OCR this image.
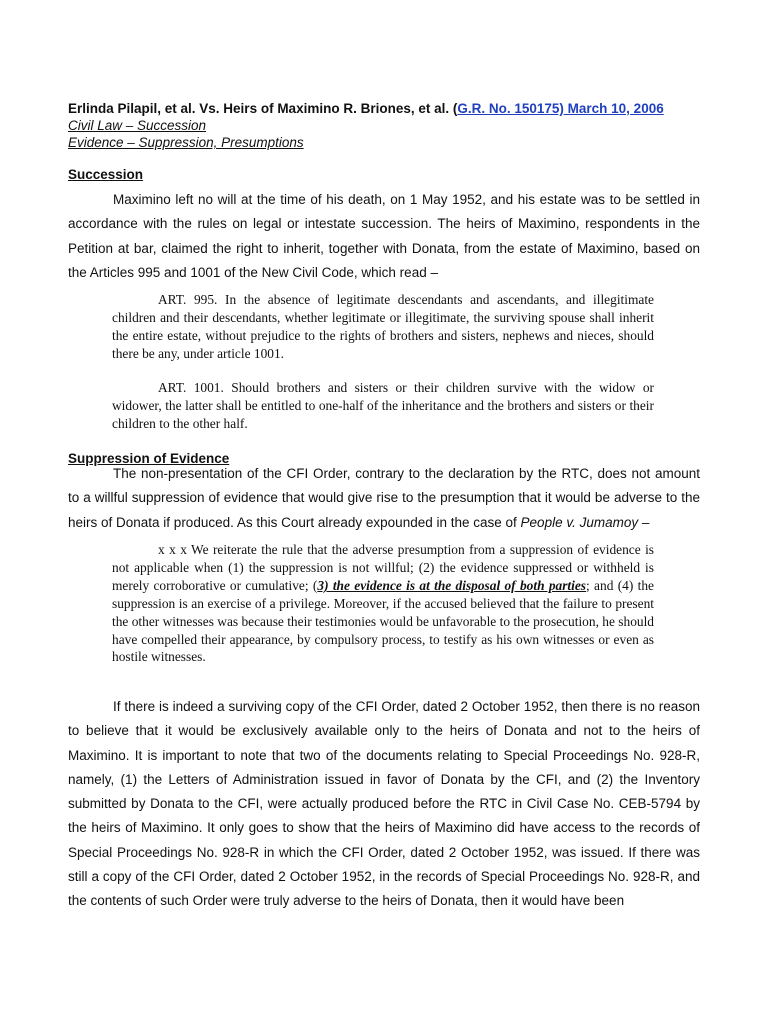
Erlinda Pilapil, et al. Vs. Heirs of Maximino R. Briones, et al. (G.R. No. 150175) March 10, 2006
Civil Law – Succession
Evidence – Suppression, Presumptions
Succession

Maximino left no will at the time of his death, on 1 May 1952, and his estate was to be settled in accordance with the rules on legal or intestate succession. The heirs of Maximino, respondents in the Petition at bar, claimed the right to inherit, together with Donata, from the estate of Maximino, based on the Articles 995 and 1001 of the New Civil Code, which read –

ART. 995. In the absence of legitimate descendants and ascendants, and illegitimate children and their descendants, whether legitimate or illegitimate, the surviving spouse shall inherit the entire estate, without prejudice to the rights of brothers and sisters, nephews and nieces, should there be any, under article 1001.

ART. 1001. Should brothers and sisters or their children survive with the widow or widower, the latter shall be entitled to one-half of the inheritance and the brothers and sisters or their children to the other half.

Suppression of Evidence

The non-presentation of the CFI Order, contrary to the declaration by the RTC, does not amount to a willful suppression of evidence that would give rise to the presumption that it would be adverse to the heirs of Donata if produced. As this Court already expounded in the case of People v. Jumamoy –

x x x We reiterate the rule that the adverse presumption from a suppression of evidence is not applicable when (1) the suppression is not willful; (2) the evidence suppressed or withheld is merely corroborative or cumulative; (3) the evidence is at the disposal of both parties; and (4) the suppression is an exercise of a privilege. Moreover, if the accused believed that the failure to present the other witnesses was because their testimonies would be unfavorable to the prosecution, he should have compelled their appearance, by compulsory process, to testify as his own witnesses or even as hostile witnesses.

If there is indeed a surviving copy of the CFI Order, dated 2 October 1952, then there is no reason to believe that it would be exclusively available only to the heirs of Donata and not to the heirs of Maximino. It is important to note that two of the documents relating to Special Proceedings No. 928-R, namely, (1) the Letters of Administration issued in favor of Donata by the CFI, and (2) the Inventory submitted by Donata to the CFI, were actually produced before the RTC in Civil Case No. CEB-5794 by the heirs of Maximino. It only goes to show that the heirs of Maximino did have access to the records of Special Proceedings No. 928-R in which the CFI Order, dated 2 October 1952, was issued. If there was still a copy of the CFI Order, dated 2 October 1952, in the records of Special Proceedings No. 928-R, and the contents of such Order were truly adverse to the heirs of Donata, then it would have been
